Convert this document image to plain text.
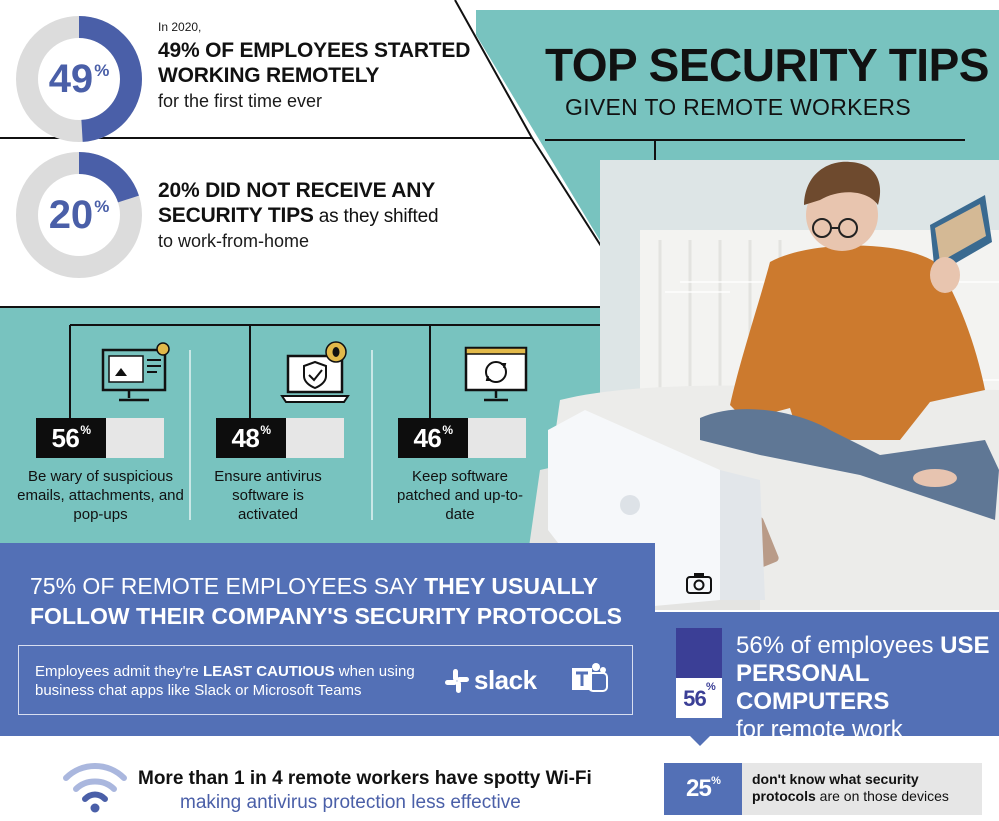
49%
In 2020,
49% OF EMPLOYEES STARTED
WORKING REMOTELY
for the first time ever
20%
20% DID NOT RECEIVE ANY
SECURITY TIPS as they shifted
to work-from-home
TOP SECURITY TIPS
GIVEN TO REMOTE WORKERS
56%
Be wary of suspicious emails, attachments, and pop-ups
48%
Ensure antivirus software is activated
46%
Keep software patched and up-to-date
75% OF REMOTE EMPLOYEES SAY THEY USUALLY
FOLLOW THEIR COMPANY'S SECURITY PROTOCOLS
Employees admit they're LEAST CAUTIOUS when using
business chat apps like Slack or Microsoft Teams	slack
56%
56% of employees USE
PERSONAL COMPUTERS
for remote work
More than 1 in 4 remote workers have spotty Wi-Fi
making antivirus protection less effective
25% don't know what security
protocols are on those devices
